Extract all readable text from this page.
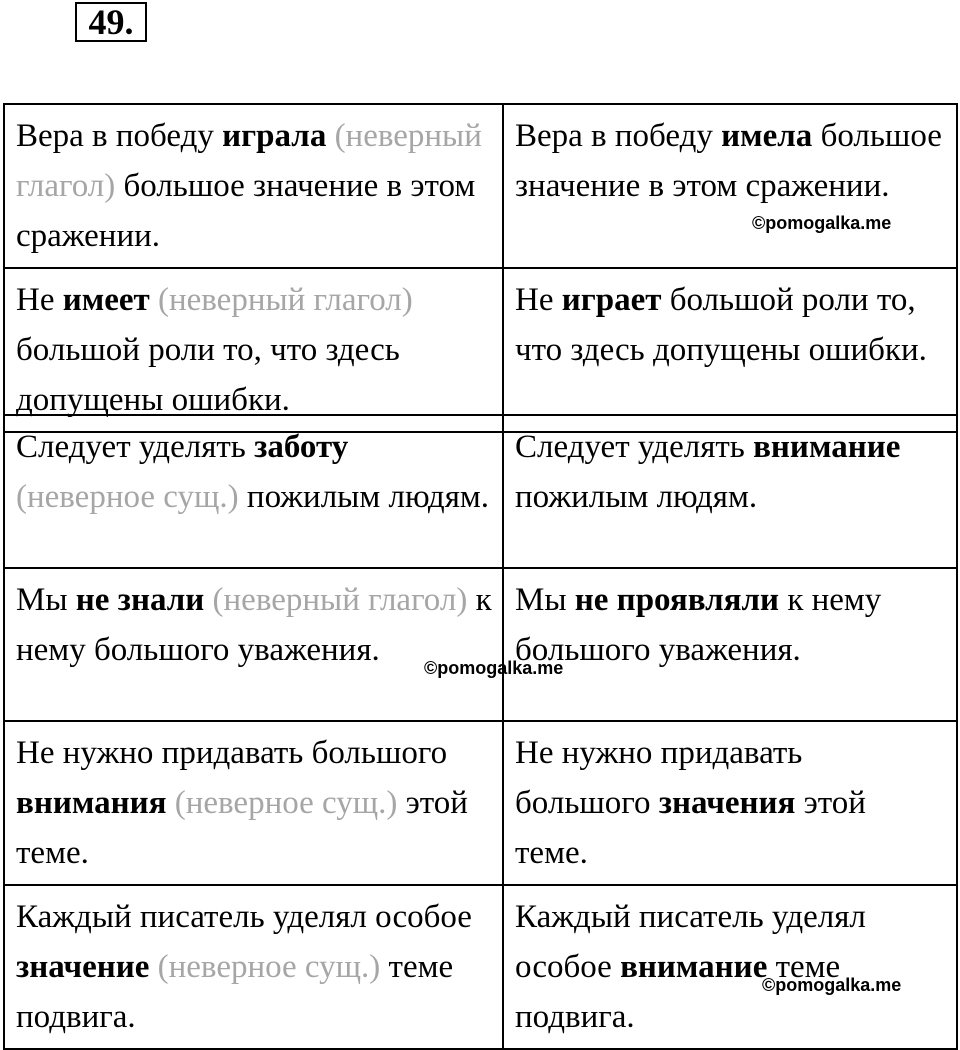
49.
Вера в победу играла (неверный глагол) большое значение в этом сражении.	Вера в победу имела большое значение в этом сражении.
Не имеет (неверный глагол) большой роли то, что здесь допущены ошибки.	Не играет большой роли то, что здесь допущены ошибки.
Следует уделять заботу (неверное сущ.) пожилым людям.	Следует уделять внимание пожилым людям.
Мы не знали (неверный глагол) к нему большого уважения.	Мы не проявляли к нему большого уважения.
Не нужно придавать большого внимания (неверное сущ.) этой теме.	Не нужно придавать большого значения этой теме.
Каждый писатель уделял особое значение (неверное сущ.) теме подвига.	Каждый писатель уделял особое внимание теме подвига.
©pomogalka.me
©pomogalka.me
©pomogalka.me
